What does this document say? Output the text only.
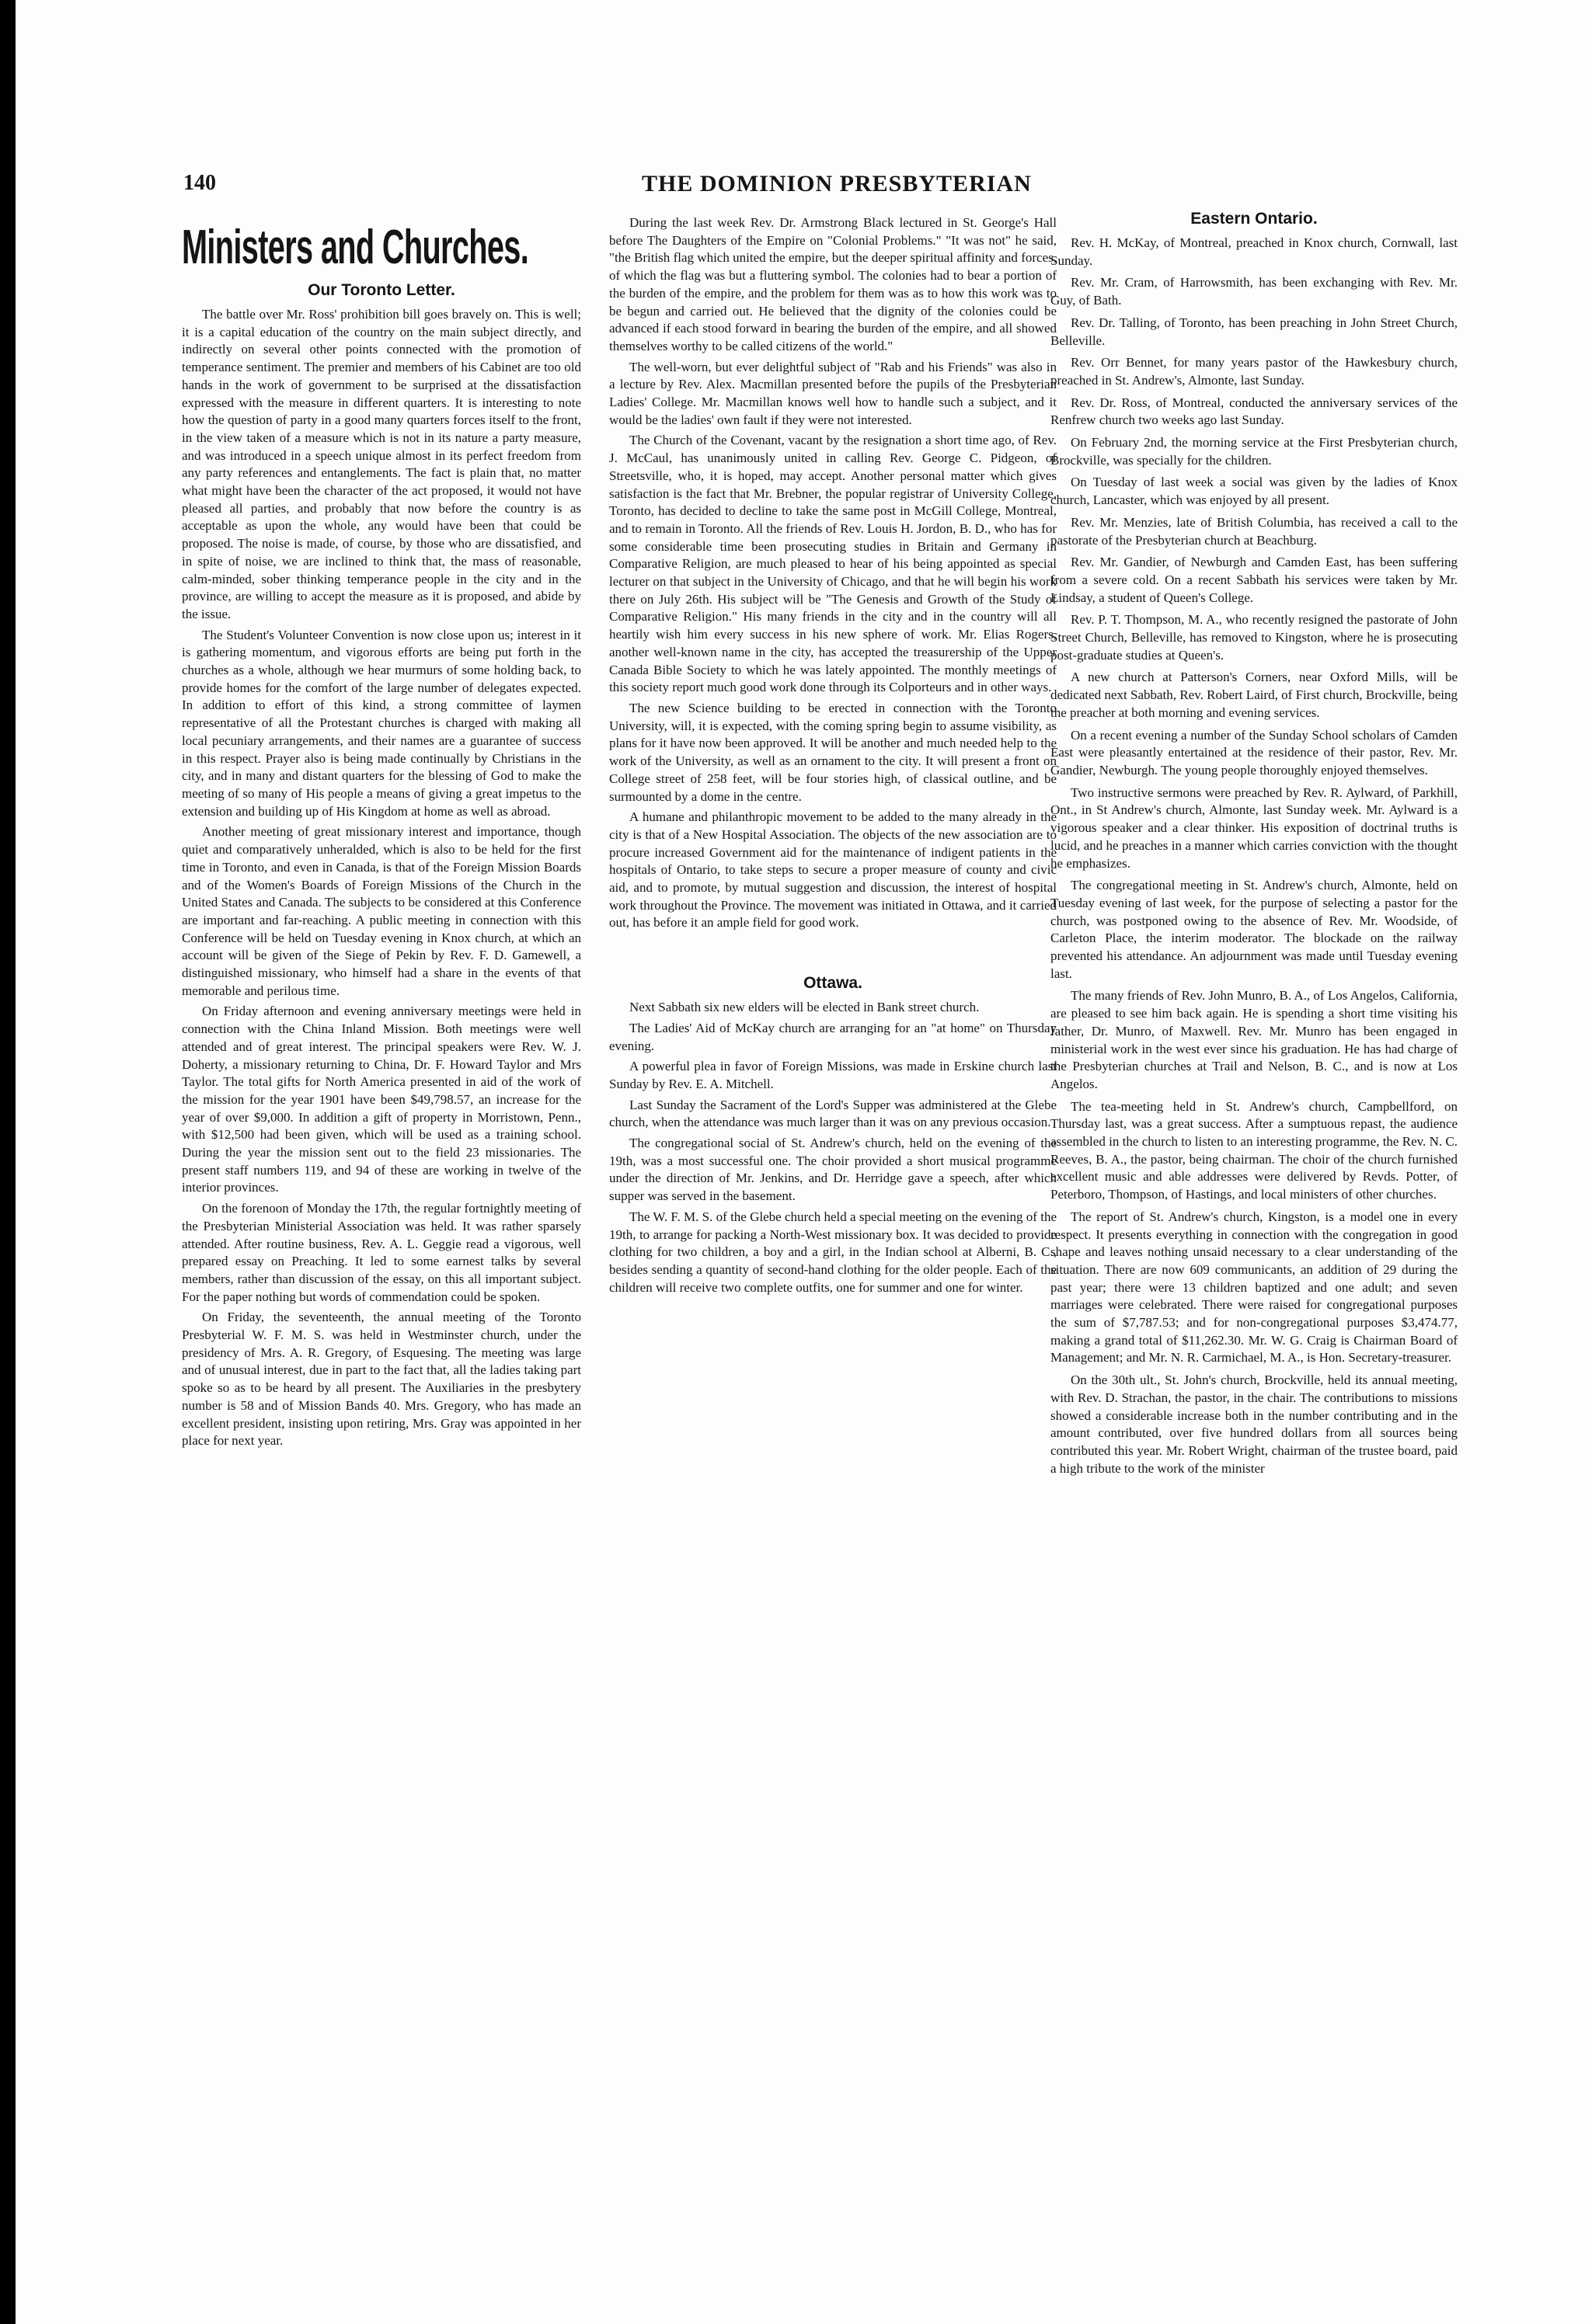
140	THE DOMINION PRESBYTERIAN
Ministers and Churches.
Our Toronto Letter.

The battle over Mr. Ross' prohibition bill goes bravely on. This is well; it is a capital education of the country on the main subject directly, and indirectly on several other points connected with the promotion of temperance sentiment. The premier and members of his Cabinet are too old hands in the work of government to be surprised at the dissatisfaction expressed with the measure in different quarters. It is interesting to note how the question of party in a good many quarters forces itself to the front, in the view taken of a measure which is not in its nature a party measure, and was introduced in a speech unique almost in its perfect freedom from any party references and entanglements. The fact is plain that, no matter what might have been the character of the act proposed, it would not have pleased all parties, and probably that now before the country is as acceptable as upon the whole, any would have been that could be proposed. The noise is made, of course, by those who are dissatisfied, and in spite of noise, we are inclined to think that, the mass of reasonable, calm-minded, sober thinking temperance people in the city and in the province, are willing to accept the measure as it is proposed, and abide by the issue.

The Student's Volunteer Convention is now close upon us; interest in it is gathering momentum, and vigorous efforts are being put forth in the churches as a whole, although we hear murmurs of some holding back, to provide homes for the comfort of the large number of delegates expected. In addition to effort of this kind, a strong committee of laymen representative of all the Protestant churches is charged with making all local pecuniary arrangements, and their names are a guarantee of success in this respect. Prayer also is being made continually by Christians in the city, and in many and distant quarters for the blessing of God to make the meeting of so many of His people a means of giving a great impetus to the extension and building up of His Kingdom at home as well as abroad.

Another meeting of great missionary interest and importance, though quiet and comparatively unheralded, which is also to be held for the first time in Toronto, and even in Canada, is that of the Foreign Mission Boards and of the Women's Boards of Foreign Missions of the Church in the United States and Canada. The subjects to be considered at this Conference are important and far-reaching. A public meeting in connection with this Conference will be held on Tuesday evening in Knox church, at which an account will be given of the Siege of Pekin by Rev. F. D. Gamewell, a distinguished missionary, who himself had a share in the events of that memorable and perilous time.

On Friday afternoon and evening anniversary meetings were held in connection with the China Inland Mission. Both meetings were well attended and of great interest. The principal speakers were Rev. W. J. Doherty, a missionary returning to China, Dr. F. Howard Taylor and Mrs Taylor. The total gifts for North America presented in aid of the work of the mission for the year 1901 have been $49,798.57, an increase for the year of over $9,000. In addition a gift of property in Morristown, Penn., with $12,500 had been given, which will be used as a training school. During the year the mission sent out to the field 23 missionaries. The present staff numbers 119, and 94 of these are working in twelve of the interior provinces.

On the forenoon of Monday the 17th, the regular fortnightly meeting of the Presbyterian Ministerial Association was held. It was rather sparsely attended. After routine business, Rev. A. L. Geggie read a vigorous, well prepared essay on Preaching. It led to some earnest talks by several members, rather than discussion of the essay, on this all important subject. For the paper nothing but words of commendation could be spoken.

On Friday, the seventeenth, the annual meeting of the Toronto Presbyterial W. F. M. S. was held in Westminster church, under the presidency of Mrs. A. R. Gregory, of Esquesing. The meeting was large and of unusual interest, due in part to the fact that, all the ladies taking part spoke so as to be heard by all present. The Auxiliaries in the presbytery number is 58 and of Mission Bands 40. Mrs. Gregory, who has made an excellent president, insisting upon retiring, Mrs. Gray was appointed in her place for next year.

During the last week Rev. Dr. Armstrong Black lectured in St. George's Hall before The Daughters of the Empire on "Colonial Problems." "It was not" he said, "the British flag which united the empire, but the deeper spiritual affinity and forces, of which the flag was but a fluttering symbol. The colonies had to bear a portion of the burden of the empire, and the problem for them was as to how this work was to be begun and carried out. He believed that the dignity of the colonies could be advanced if each stood forward in bearing the burden of the empire, and all showed themselves worthy to be called citizens of the world."

The well-worn, but ever delightful subject of "Rab and his Friends" was also in a lecture by Rev. Alex. Macmillan presented before the pupils of the Presbyterian Ladies' College. Mr. Macmillan knows well how to handle such a subject, and it would be the ladies' own fault if they were not interested.

The Church of the Covenant, vacant by the resignation a short time ago, of Rev. J. McCaul, has unanimously united in calling Rev. George C. Pidgeon, of Streetsville, who, it is hoped, may accept. Another personal matter which gives satisfaction is the fact that Mr. Brebner, the popular registrar of University College, Toronto, has decided to decline to take the same post in McGill College, Montreal, and to remain in Toronto. All the friends of Rev. Louis H. Jordon, B. D., who has for some considerable time been prosecuting studies in Britain and Germany in Comparative Religion, are much pleased to hear of his being appointed as special lecturer on that subject in the University of Chicago, and that he will begin his work there on July 26th. His subject will be "The Genesis and Growth of the Study of Comparative Religion." His many friends in the city and in the country will all heartily wish him every success in his new sphere of work. Mr. Elias Rogers, another well-known name in the city, has accepted the treasurership of the Upper Canada Bible Society to which he was lately appointed. The monthly meetings of this society report much good work done through its Colporteurs and in other ways.

The new Science building to be erected in connection with the Toronto University, will, it is expected, with the coming spring begin to assume visibility, as plans for it have now been approved. It will be another and much needed help to the work of the University, as well as an ornament to the city. It will present a front on College street of 258 feet, will be four stories high, of classical outline, and be surmounted by a dome in the centre.

A humane and philanthropic movement to be added to the many already in the city is that of a New Hospital Association. The objects of the new association are to procure increased Government aid for the maintenance of indigent patients in the hospitals of Ontario, to take steps to secure a proper measure of county and civic aid, and to promote, by mutual suggestion and discussion, the interest of hospital work throughout the Province. The movement was initiated in Ottawa, and it carried out, has before it an ample field for good work.

Ottawa.

Next Sabbath six new elders will be elected in Bank street church.

The Ladies' Aid of McKay church are arranging for an "at home" on Thursday evening.

A powerful plea in favor of Foreign Missions, was made in Erskine church last Sunday by Rev. E. A. Mitchell.

Last Sunday the Sacrament of the Lord's Supper was administered at the Glebe church, when the attendance was much larger than it was on any previous occasion.

The congregational social of St. Andrew's church, held on the evening of the 19th, was a most successful one. The choir provided a short musical programme under the direction of Mr. Jenkins, and Dr. Herridge gave a speech, after which supper was served in the basement.

The W. F. M. S. of the Glebe church held a special meeting on the evening of the 19th, to arrange for packing a North-West missionary box. It was decided to provide clothing for two children, a boy and a girl, in the Indian school at Alberni, B. C., besides sending a quantity of second-hand clothing for the older people. Each of the children will receive two complete outfits, one for summer and one for winter.

Eastern Ontario.

Rev. H. McKay, of Montreal, preached in Knox church, Cornwall, last Sunday.

Rev. Mr. Cram, of Harrowsmith, has been exchanging with Rev. Mr. Guy, of Bath.

Rev. Dr. Talling, of Toronto, has been preaching in John Street Church, Belleville.

Rev. Orr Bennet, for many years pastor of the Hawkesbury church, preached in St. Andrew's, Almonte, last Sunday.

Rev. Dr. Ross, of Montreal, conducted the anniversary services of the Renfrew church two weeks ago last Sunday.

On February 2nd, the morning service at the First Presbyterian church, Brockville, was specially for the children.

On Tuesday of last week a social was given by the ladies of Knox church, Lancaster, which was enjoyed by all present.

Rev. Mr. Menzies, late of British Columbia, has received a call to the pastorate of the Presbyterian church at Beachburg.

Rev. Mr. Gandier, of Newburgh and Camden East, has been suffering from a severe cold. On a recent Sabbath his services were taken by Mr. Lindsay, a student of Queen's College.

Rev. P. T. Thompson, M. A., who recently resigned the pastorate of John Street Church, Belleville, has removed to Kingston, where he is prosecuting post-graduate studies at Queen's.

A new church at Patterson's Corners, near Oxford Mills, will be dedicated next Sabbath, Rev. Robert Laird, of First church, Brockville, being the preacher at both morning and evening services.

On a recent evening a number of the Sunday School scholars of Camden East were pleasantly entertained at the residence of their pastor, Rev. Mr. Gandier, Newburgh. The young people thoroughly enjoyed themselves.

Two instructive sermons were preached by Rev. R. Aylward, of Parkhill, Ont., in St Andrew's church, Almonte, last Sunday week. Mr. Aylward is a vigorous speaker and a clear thinker. His exposition of doctrinal truths is lucid, and he preaches in a manner which carries conviction with the thought he emphasizes.

The congregational meeting in St. Andrew's church, Almonte, held on Tuesday evening of last week, for the purpose of selecting a pastor for the church, was postponed owing to the absence of Rev. Mr. Woodside, of Carleton Place, the interim moderator. The blockade on the railway prevented his attendance. An adjournment was made until Tuesday evening last.

The many friends of Rev. John Munro, B. A., of Los Angelos, California, are pleased to see him back again. He is spending a short time visiting his father, Dr. Munro, of Maxwell. Rev. Mr. Munro has been engaged in ministerial work in the west ever since his graduation. He has had charge of the Presbyterian churches at Trail and Nelson, B. C., and is now at Los Angelos.

The tea-meeting held in St. Andrew's church, Campbellford, on Thursday last, was a great success. After a sumptuous repast, the audience assembled in the church to listen to an interesting programme, the Rev. N. C. Reeves, B. A., the pastor, being chairman. The choir of the church furnished excellent music and able addresses were delivered by Revds. Potter, of Peterboro, Thompson, of Hastings, and local ministers of other churches.

The report of St. Andrew's church, Kingston, is a model one in every respect. It presents everything in connection with the congregation in good shape and leaves nothing unsaid necessary to a clear understanding of the situation. There are now 609 communicants, an addition of 29 during the past year; there were 13 children baptized and one adult; and seven marriages were celebrated. There were raised for congregational purposes the sum of $7,787.53; and for non-congregational purposes $3,474.77, making a grand total of $11,262.30. Mr. W. G. Craig is Chairman Board of Management; and Mr. N. R. Carmichael, M. A., is Hon. Secretary-treasurer.

On the 30th ult., St. John's church, Brockville, held its annual meeting, with Rev. D. Strachan, the pastor, in the chair. The contributions to missions showed a considerable increase both in the number contributing and in the amount contributed, over five hundred dollars from all sources being contributed this year. Mr. Robert Wright, chairman of the trustee board, paid a high tribute to the work of the minister
